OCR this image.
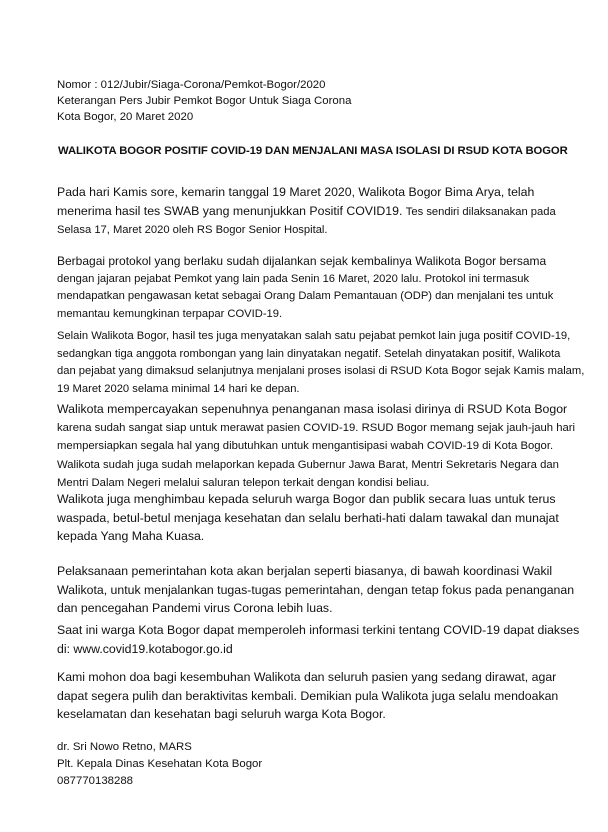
Nomor : 012/Jubir/Siaga-Corona/Pemkot-Bogor/2020
Keterangan Pers Jubir Pemkot Bogor Untuk Siaga Corona
Kota Bogor, 20 Maret 2020
WALIKOTA BOGOR POSITIF COVID-19 DAN MENJALANI MASA ISOLASI DI RSUD KOTA BOGOR
Pada hari Kamis sore, kemarin tanggal 19 Maret 2020, Walikota Bogor Bima Arya, telah
menerima hasil tes SWAB yang menunjukkan Positif COVID19. Tes sendiri dilaksanakan pada
Selasa 17, Maret 2020 oleh RS Bogor Senior Hospital.
Berbagai protokol yang berlaku sudah dijalankan sejak kembalinya Walikota Bogor bersama
dengan jajaran pejabat Pemkot yang lain pada Senin 16 Maret, 2020 lalu. Protokol ini termasuk
mendapatkan pengawasan ketat sebagai Orang Dalam Pemantauan (ODP) dan menjalani tes untuk
memantau kemungkinan terpapar COVID-19.
Selain Walikota Bogor, hasil tes juga menyatakan salah satu pejabat pemkot lain juga positif COVID-19,
sedangkan tiga anggota rombongan yang lain dinyatakan negatif. Setelah dinyatakan positif, Walikota
dan pejabat yang dimaksud selanjutnya menjalani proses isolasi di RSUD Kota Bogor sejak Kamis malam,
19 Maret 2020 selama minimal 14 hari ke depan.
Walikota mempercayakan sepenuhnya penanganan masa isolasi dirinya di RSUD Kota Bogor
karena sudah sangat siap untuk merawat pasien COVID-19. RSUD Bogor memang sejak jauh-jauh hari
mempersiapkan segala hal yang dibutuhkan untuk mengantisipasi wabah COVID-19 di Kota Bogor.
Walikota sudah juga sudah melaporkan kepada Gubernur Jawa Barat, Mentri Sekretaris Negara dan
Mentri Dalam Negeri melalui saluran telepon terkait dengan kondisi beliau.
Walikota juga menghimbau kepada seluruh warga Bogor dan publik secara luas untuk terus
waspada, betul-betul menjaga kesehatan dan selalu berhati-hati dalam tawakal dan munajat
kepada Yang Maha Kuasa.
Pelaksanaan pemerintahan kota akan berjalan seperti biasanya, di bawah koordinasi Wakil
Walikota, untuk menjalankan tugas-tugas pemerintahan, dengan tetap fokus pada penanganan
dan pencegahan Pandemi virus Corona lebih luas.
Saat ini warga Kota Bogor dapat memperoleh informasi terkini tentang COVID-19 dapat diakses
di: www.covid19.kotabogor.go.id
Kami mohon doa bagi kesembuhan Walikota dan seluruh pasien yang sedang dirawat, agar
dapat segera pulih dan beraktivitas kembali. Demikian pula Walikota juga selalu mendoakan
keselamatan dan kesehatan bagi seluruh warga Kota Bogor.
dr. Sri Nowo Retno, MARS
Plt. Kepala Dinas Kesehatan Kota Bogor
087770138288
